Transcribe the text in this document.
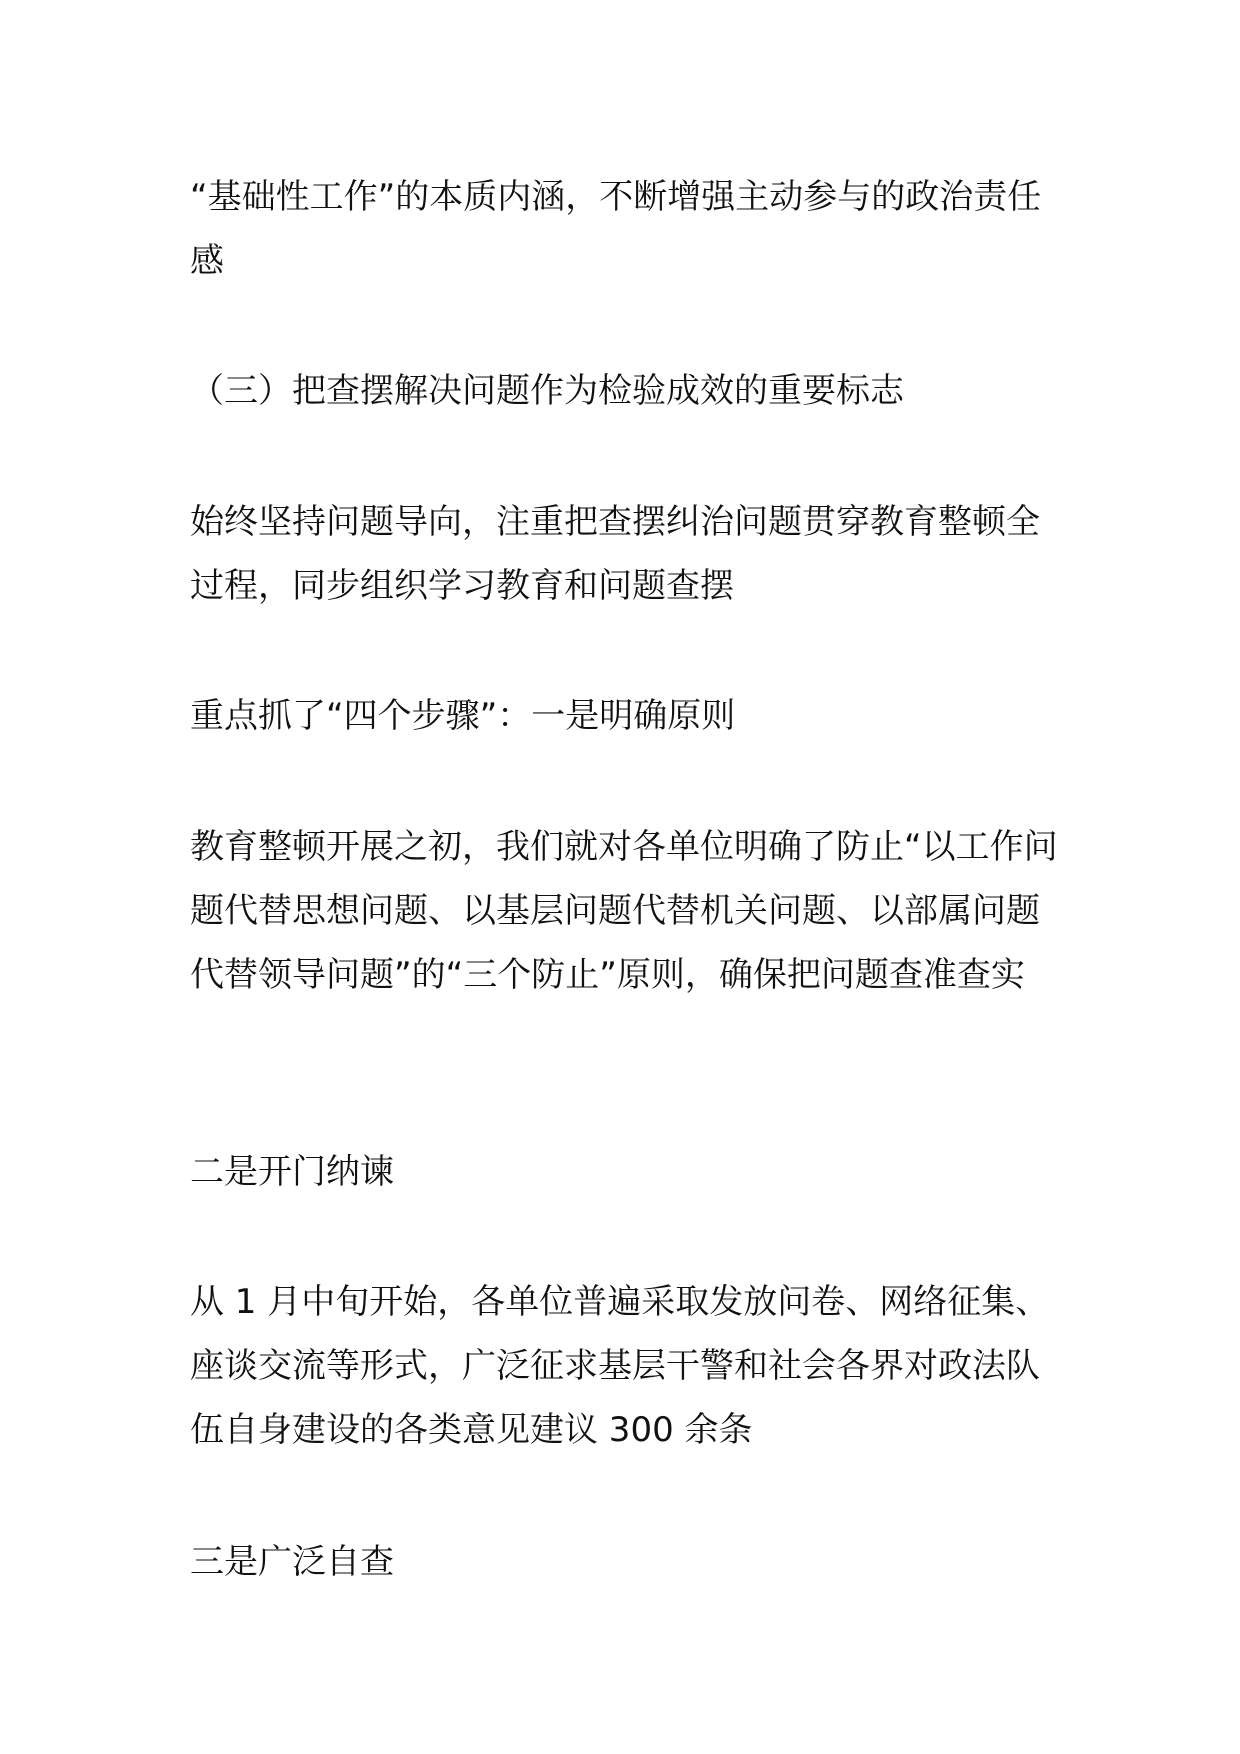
“基础性工作”的本质内涵，不断增强主动参与的政治责任感

（三）把查摆解决问题作为检验成效的重要标志

始终坚持问题导向，注重把查摆纠治问题贯穿教育整顿全过程，同步组织学习教育和问题查摆

重点抓了“四个步骤”：一是明确原则

教育整顿开展之初，我们就对各单位明确了防止“以工作问题代替思想问题、以基层问题代替机关问题、以部属问题代替领导问题”的“三个防止”原则，确保把问题查准查实

二是开门纳谏

从 1 月中旬开始，各单位普遍采取发放问卷、网络征集、座谈交流等形式，广泛征求基层干警和社会各界对政法队伍自身建设的各类意见建议 300 余条

三是广泛自查
